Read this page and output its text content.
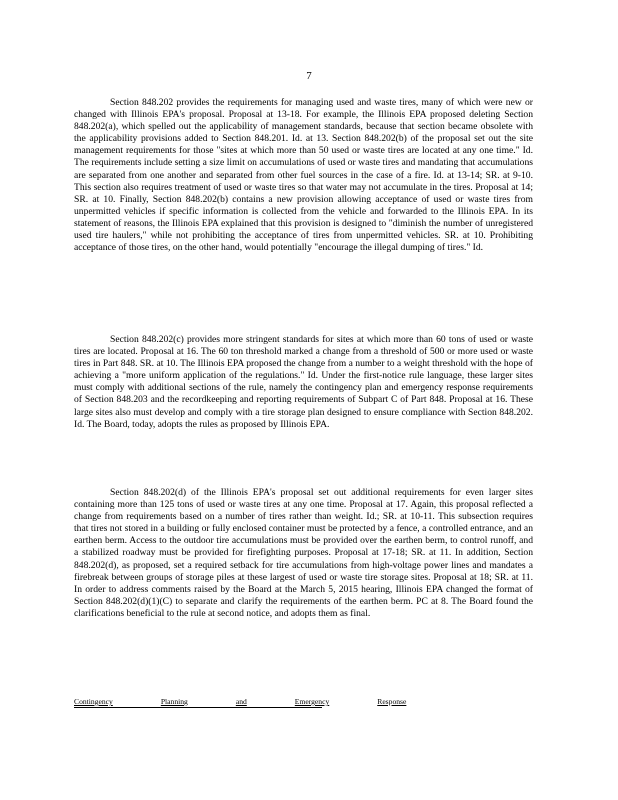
7

Section 848.202 provides the requirements for managing used and waste tires, many of which were new or changed with Illinois EPA's proposal. Proposal at 13-18. For example, the Illinois EPA proposed deleting Section 848.202(a), which spelled out the applicability of management standards, because that section became obsolete with the applicability provisions added to Section 848.201. Id. at 13. Section 848.202(b) of the proposal set out the site management requirements for those "sites at which more than 50 used or waste tires are located at any one time." Id. The requirements include setting a size limit on accumulations of used or waste tires and mandating that accumulations are separated from one another and separated from other fuel sources in the case of a fire. Id. at 13-14; SR. at 9-10. This section also requires treatment of used or waste tires so that water may not accumulate in the tires. Proposal at 14; SR. at 10. Finally, Section 848.202(b) contains a new provision allowing acceptance of used or waste tires from unpermitted vehicles if specific information is collected from the vehicle and forwarded to the Illinois EPA. In its statement of reasons, the Illinois EPA explained that this provision is designed to "diminish the number of unregistered used tire haulers," while not prohibiting the acceptance of tires from unpermitted vehicles. SR. at 10. Prohibiting acceptance of those tires, on the other hand, would potentially "encourage the illegal dumping of tires." Id.

Section 848.202(c) provides more stringent standards for sites at which more than 60 tons of used or waste tires are located. Proposal at 16. The 60 ton threshold marked a change from a threshold of 500 or more used or waste tires in Part 848. SR. at 10. The Illinois EPA proposed the change from a number to a weight threshold with the hope of achieving a "more uniform application of the regulations." Id. Under the first-notice rule language, these larger sites must comply with additional sections of the rule, namely the contingency plan and emergency response requirements of Section 848.203 and the recordkeeping and reporting requirements of Subpart C of Part 848. Proposal at 16. These large sites also must develop and comply with a tire storage plan designed to ensure compliance with Section 848.202. Id. The Board, today, adopts the rules as proposed by Illinois EPA.

Section 848.202(d) of the Illinois EPA's proposal set out additional requirements for even larger sites containing more than 125 tons of used or waste tires at any one time. Proposal at 17. Again, this proposal reflected a change from requirements based on a number of tires rather than weight. Id.; SR. at 10-11. This subsection requires that tires not stored in a building or fully enclosed container must be protected by a fence, a controlled entrance, and an earthen berm. Access to the outdoor tire accumulations must be provided over the earthen berm, to control runoff, and a stabilized roadway must be provided for firefighting purposes. Proposal at 17-18; SR. at 11. In addition, Section 848.202(d), as proposed, set a required setback for tire accumulations from high-voltage power lines and mandates a firebreak between groups of storage piles at these largest of used or waste tire storage sites. Proposal at 18; SR. at 11. In order to address comments raised by the Board at the March 5, 2015 hearing, Illinois EPA changed the format of Section 848.202(d)(1)(C) to separate and clarify the requirements of the earthen berm. PC at 8. The Board found the clarifications beneficial to the rule at second notice, and adopts them as final.

Contingency	Planning	and	Emergency	Response
